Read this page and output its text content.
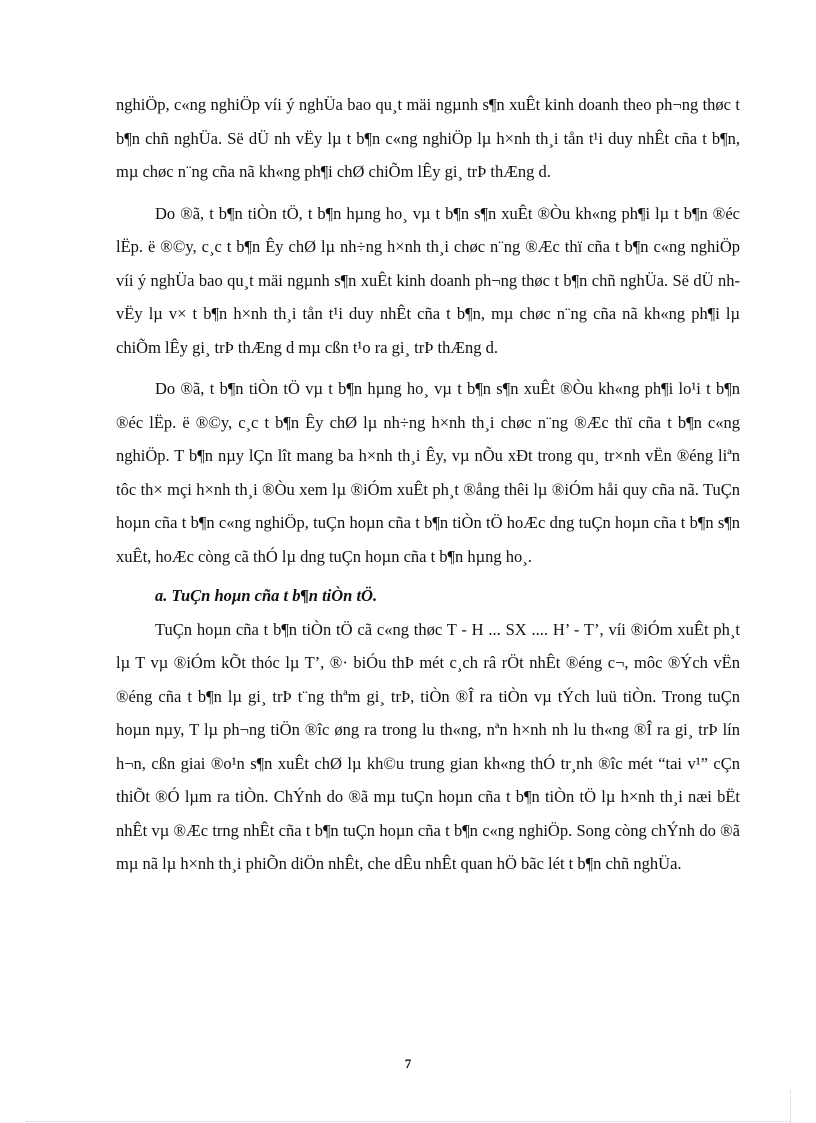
nghiÖp, c«ng nghiÖp víi ý nghÜa bao qu¸t mäi ngµnh s¶n xuÊt kinh doanh theo ph¬ng thøc t b¶n chñ nghÜa. Së dÜ nh vËy lµ t b¶n c«ng nghiÖp lµ h×nh th¸i tån t¹i duy nhÊt cña t b¶n, mµ chøc n¨ng cña nã kh«ng ph¶i chØ chiÕm lÊy gi¸ trÞ thÆng d.

Do ®ã, t b¶n tiÒn tÖ, t b¶n hµng ho¸ vµ t b¶n s¶n xuÊt ®Òu kh«ng ph¶i lµ t b¶n ®éc lËp. ë ®©y, c¸c t b¶n Êy chØ lµ nh÷ng h×nh th¸i chøc n¨ng ®Æc thï cña t b¶n c«ng nghiÖp víi ý nghÜa bao qu¸t mäi ngµnh s¶n xuÊt kinh doanh ph¬ng thøc t b¶n chñ nghÜa. Së dÜ nh vËy lµ v× t b¶n h×nh th¸i tån t¹i duy nhÊt cña t b¶n, mµ chøc n¨ng cña nã kh«ng ph¶i lµ chiÕm lÊy gi¸ trÞ thÆng d mµ cßn t¹o ra gi¸ trÞ thÆng d.

Do ®ã, t b¶n tiÒn tÖ vµ t b¶n hµng ho¸ vµ t b¶n s¶n xuÊt ®Òu kh«ng ph¶i lo¹i t b¶n ®éc lËp. ë ®©y, c¸c t b¶n Êy chØ lµ nh÷ng h×nh th¸i chøc n¨ng ®Æc thï cña t b¶n c«ng nghiÖp. T b¶n nµy lÇn lît mang ba h×nh th¸i Êy, vµ nÕu xÐt trong qu¸ tr×nh vËn ®éng liªn tôc th× mçi h×nh th¸i ®Òu xem lµ ®iÓm xuÊt ph¸t ®ång thêi lµ ®iÓm håi quy cña nã. TuÇn hoµn cña t b¶n c«ng nghiÖp, tuÇn hoµn cña t b¶n tiÒn tÖ hoÆc dng tuÇn hoµn cña t b¶n s¶n xuÊt, hoÆc còng cã thÓ lµ dng tuÇn hoµn cña t b¶n hµng ho¸.

a. TuÇn hoµn cña t b¶n tiÒn tÖ.

TuÇn hoµn cña t b¶n tiÒn tÖ cã c«ng thøc T - H ... SX .... H’ - T’, víi ®iÓm xuÊt ph¸t lµ T vµ ®iÓm kÕt thóc lµ T’, ®· biÓu thÞ mét c¸ch râ rÖt nhÊt ®éng c¬, môc ®Ých vËn ®éng cña t b¶n lµ gi¸ trÞ t¨ng thªm gi¸ trÞ, tiÒn ®Î ra tiÒn vµ tÝch luü tiÒn. Trong tuÇn hoµn nµy, T lµ ph¬ng tiÖn ®îc øng ra trong lu th«ng, nªn h×nh nh lu th«ng ®Î ra gi¸ trÞ lín h¬n, cßn giai ®o¹n s¶n xuÊt chØ lµ kh©u trung gian kh«ng thÓ tr¸nh ®îc mét “tai v¹” cÇn thiÕt ®Ó lµm ra tiÒn. ChÝnh do ®ã mµ tuÇn hoµn cña t b¶n tiÒn tÖ lµ h×nh th¸i næi bËt nhÊt vµ ®Æc trng nhÊt cña t b¶n tuÇn hoµn cña t b¶n c«ng nghiÖp. Song còng chÝnh do ®ã mµ nã lµ h×nh th¸i phiÕn diÖn nhÊt, che dÊu nhÊt quan hÖ bãc lét t b¶n chñ nghÜa.

7
